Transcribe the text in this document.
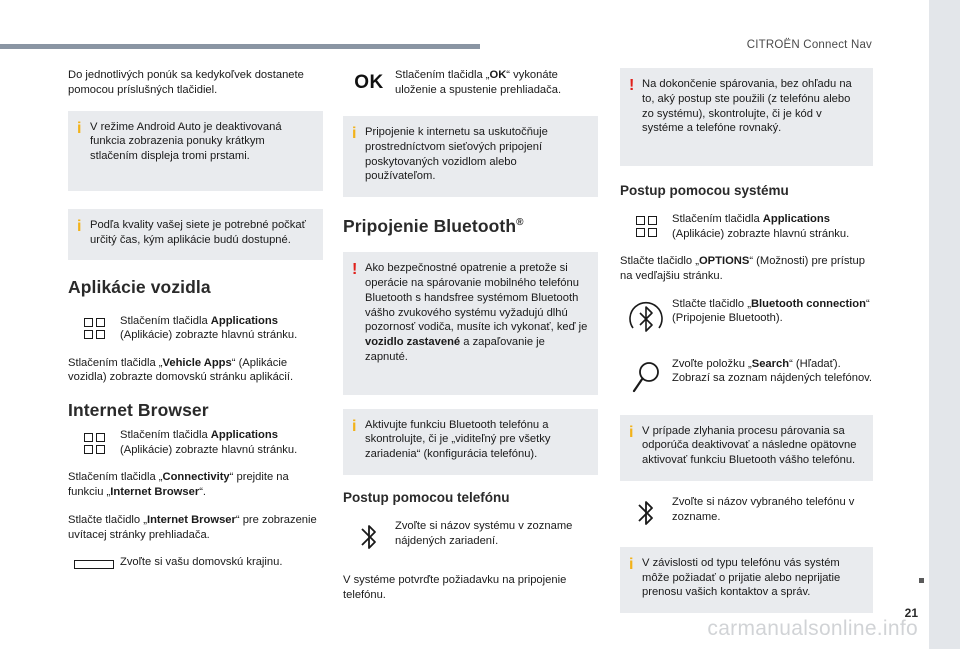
CITROËN Connect Nav
21
carmanualsonline.info

Do jednotlivých ponúk sa kedykoľvek dostanete pomocou príslušných tlačidiel.

i V režime Android Auto je deaktivovaná funkcia zobrazenia ponuky krátkym stlačením displeja tromi prstami.
i Podľa kvality vašej siete je potrebné počkať určitý čas, kým aplikácie budú dostupné.
Aplikácie vozidla
Stlačením tlačidla Applications (Aplikácie) zobrazte hlavnú stránku.

Stlačením tlačidla „Vehicle Apps“ (Aplikácie vozidla) zobrazte domovskú stránku aplikácií.

Internet Browser
Stlačením tlačidla Applications (Aplikácie) zobrazte hlavnú stránku.

Stlačením tlačidla „Connectivity“ prejdite na funkciu „Internet Browser“.

Stlačte tlačidlo „Internet Browser“ pre zobrazenie uvítacej stránky prehliadača.

Zvoľte si vašu domovskú krajinu.
OK Stlačením tlačidla „OK“ vykonáte uloženie a spustenie prehliadača.
i Pripojenie k internetu sa uskutočňuje prostredníctvom sieťových pripojení poskytovaných vozidlom alebo používateľom.
Pripojenie Bluetooth®
! Ako bezpečnostné opatrenie a pretože si operácie na spárovanie mobilného telefónu Bluetooth s handsfree systémom Bluetooth vášho zvukového systému vyžadujú dlhú pozornosť vodiča, musíte ich vykonať, keď je vozidlo zastavené a zapaľovanie je zapnuté.
i Aktivujte funkciu Bluetooth telefónu a skontrolujte, či je „viditeľný pre všetky zariadenia“ (konfigurácia telefónu).
Postup pomocou telefónu
Zvoľte si názov systému v zozname nájdených zariadení.

V systéme potvrďte požiadavku na pripojenie telefónu.

! Na dokončenie spárovania, bez ohľadu na to, aký postup ste použili (z telefónu alebo zo systému), skontrolujte, či je kód v systéme a telefóne rovnaký.
Postup pomocou systému
Stlačením tlačidla Applications (Aplikácie) zobrazte hlavnú stránku.

Stlačte tlačidlo „OPTIONS“ (Možnosti) pre prístup na vedľajšiu stránku.

Stlačte tlačidlo „Bluetooth connection“ (Pripojenie Bluetooth).
Zvoľte položku „Search“ (Hľadať). Zobrazí sa zoznam nájdených telefónov.
i V prípade zlyhania procesu párovania sa odporúča deaktivovať a následne opätovne aktivovať funkciu Bluetooth vášho telefónu.
Zvoľte si názov vybraného telefónu v zozname.
i V závislosti od typu telefónu vás systém môže požiadať o prijatie alebo neprijatie prenosu vašich kontaktov a správ.
